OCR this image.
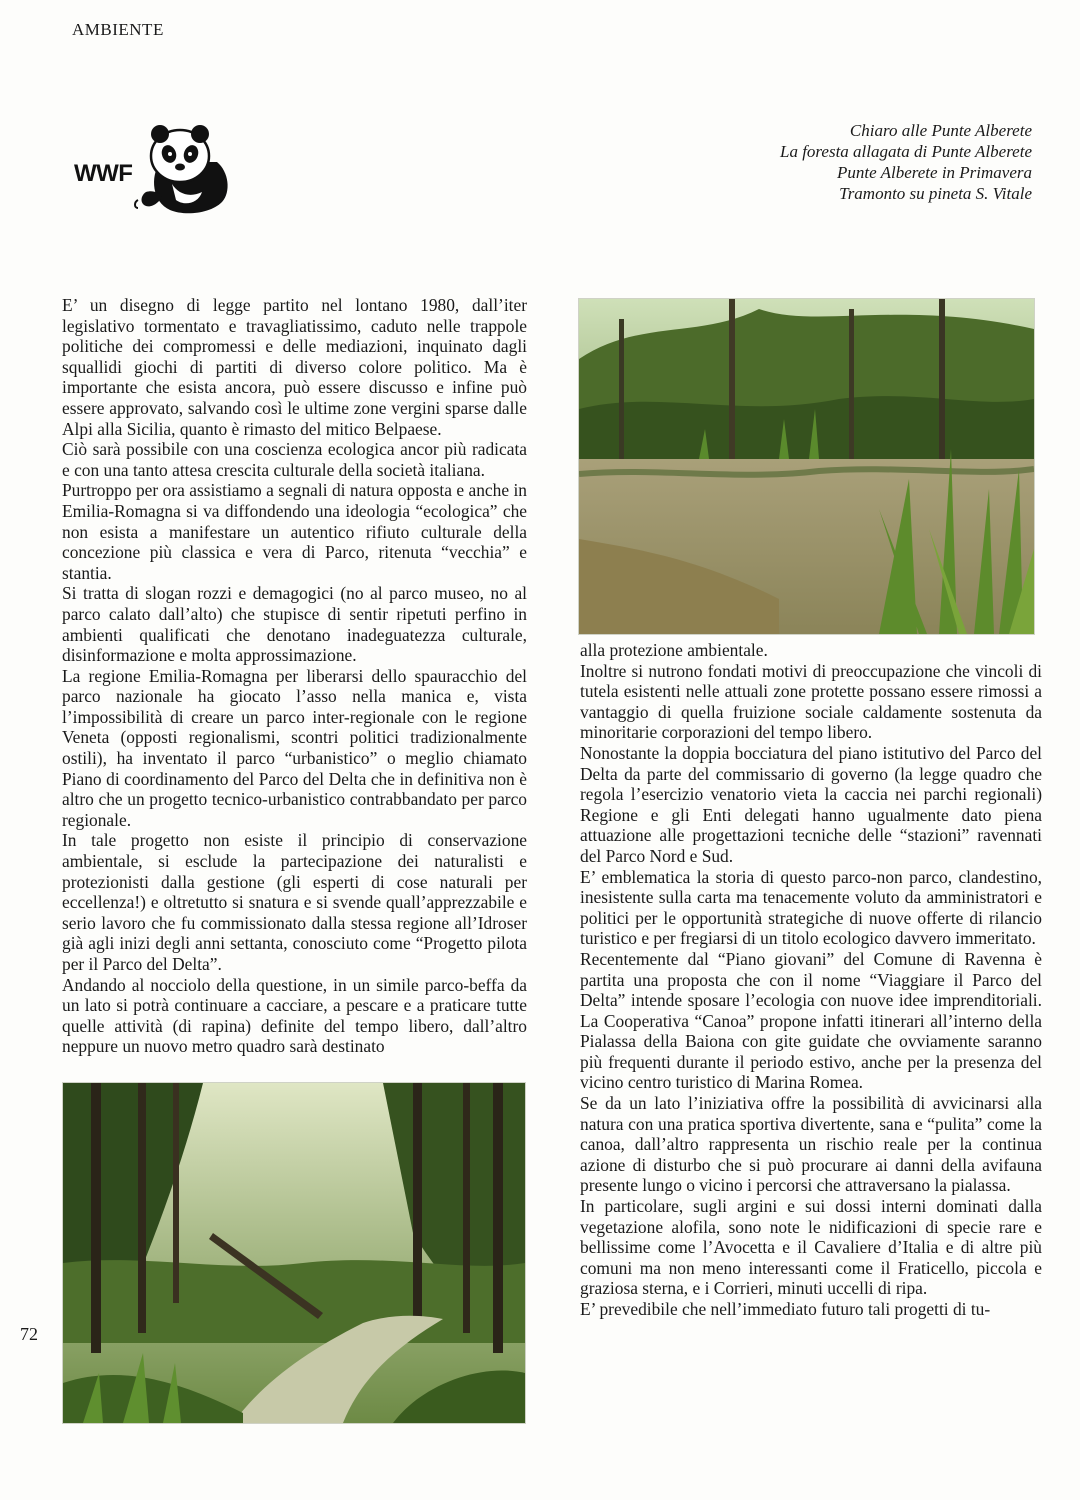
AMBIENTE
WWF
Chiaro alle Punte Alberete
La foresta allagata di Punte Alberete
Punte Alberete in Primavera
Tramonto su pineta S. Vitale

E’ un disegno di legge partito nel lontano 1980, dall’iter legislativo tormentato e travagliatissimo, caduto nelle trappole politiche dei compromessi e delle mediazioni, inquinato dagli squallidi giochi di partiti di diverso colore politico. Ma è importante che esista ancora, può essere discusso e infine può essere approvato, salvando così le ultime zone vergini sparse dalle Alpi alla Sicilia, quanto è rimasto del mitico Belpaese.

Ciò sarà possibile con una coscienza ecologica ancor più radicata e con una tanto attesa crescita culturale della società italiana.

Purtroppo per ora assistiamo a segnali di natura opposta e anche in Emilia-Romagna si va diffondendo una ideologia “ecologica” che non esista a manifestare un autentico rifiuto culturale della concezione più classica e vera di Parco, ritenuta “vecchia” e stantia.

Si tratta di slogan rozzi e demagogici (no al parco museo, no al parco calato dall’alto) che stupisce di sentir ripetuti perfino in ambienti qualificati che denotano inadeguatezza culturale, disinformazione e molta approssimazione.

La regione Emilia-Romagna per liberarsi dello spauracchio del parco nazionale ha giocato l’asso nella manica e, vista l’impossibilità di creare un parco inter-regionale con le regione Veneta (opposti regionalismi, scontri politici tradizionalmente ostili), ha inventato il parco “urbanistico” o meglio chiamato Piano di coordinamento del Parco del Delta che in definitiva non è altro che un progetto tecnico-urbanistico contrabbandato per parco regionale.

In tale progetto non esiste il principio di conservazione ambientale, si esclude la partecipazione dei naturalisti e protezionisti dalla gestione (gli esperti di cose naturali per eccellenza!) e oltretutto si snatura e si svende quall’apprezzabile e serio lavoro che fu commissionato dalla stessa regione all’Idroser già agli inizi degli anni settanta, conosciuto come “Progetto pilota per il Parco del Delta”.

Andando al nocciolo della questione, in un simile parco-beffa da un lato si potrà continuare a cacciare, a pescare e a praticare tutte quelle attività (di rapina) definite del tempo libero, dall’altro neppure un nuovo metro quadro sarà destinato

alla protezione ambientale.

Inoltre si nutrono fondati motivi di preoccupazione che vincoli di tutela esistenti nelle attuali zone protette possano essere rimossi a vantaggio di quella fruizione sociale caldamente sostenuta da minoritarie corporazioni del tempo libero.

Nonostante la doppia bocciatura del piano istitutivo del Parco del Delta da parte del commissario di governo (la legge quadro che regola l’esercizio venatorio vieta la caccia nei parchi regionali) Regione e gli Enti delegati hanno ugualmente dato piena attuazione alle progettazioni tecniche delle “stazioni” ravennati del Parco Nord e Sud.

E’ emblematica la storia di questo parco-non parco, clandestino, inesistente sulla carta ma tenacemente voluto da amministratori e politici per le opportunità strategiche di nuove offerte di rilancio turistico e per fregiarsi di un titolo ecologico davvero immeritato.

Recentemente dal “Piano giovani” del Comune di Ravenna è partita una proposta che con il nome “Viaggiare il Parco del Delta” intende sposare l’ecologia con nuove idee imprenditoriali. La Cooperativa “Canoa” propone infatti itinerari all’interno della Pialassa della Baiona con gite guidate che ovviamente saranno più frequenti durante il periodo estivo, anche per la presenza del vicino centro turistico di Marina Romea.

Se da un lato l’iniziativa offre la possibilità di avvicinarsi alla natura con una pratica sportiva divertente, sana e “pulita” come la canoa, dall’altro rappresenta un rischio reale per la continua azione di disturbo che si può procurare ai danni della avifauna presente lungo o vicino i percorsi che attraversano la pialassa.

In particolare, sugli argini e sui dossi interni dominati dalla vegetazione alofila, sono note le nidificazioni di specie rare e bellissime come l’Avocetta e il Cavaliere d’Italia e di altre più comuni ma non meno interessanti come il Fraticello, piccola e graziosa sterna, e i Corrieri, minuti uccelli di ripa.

E’ prevedibile che nell’immediato futuro tali progetti di tu-

72
